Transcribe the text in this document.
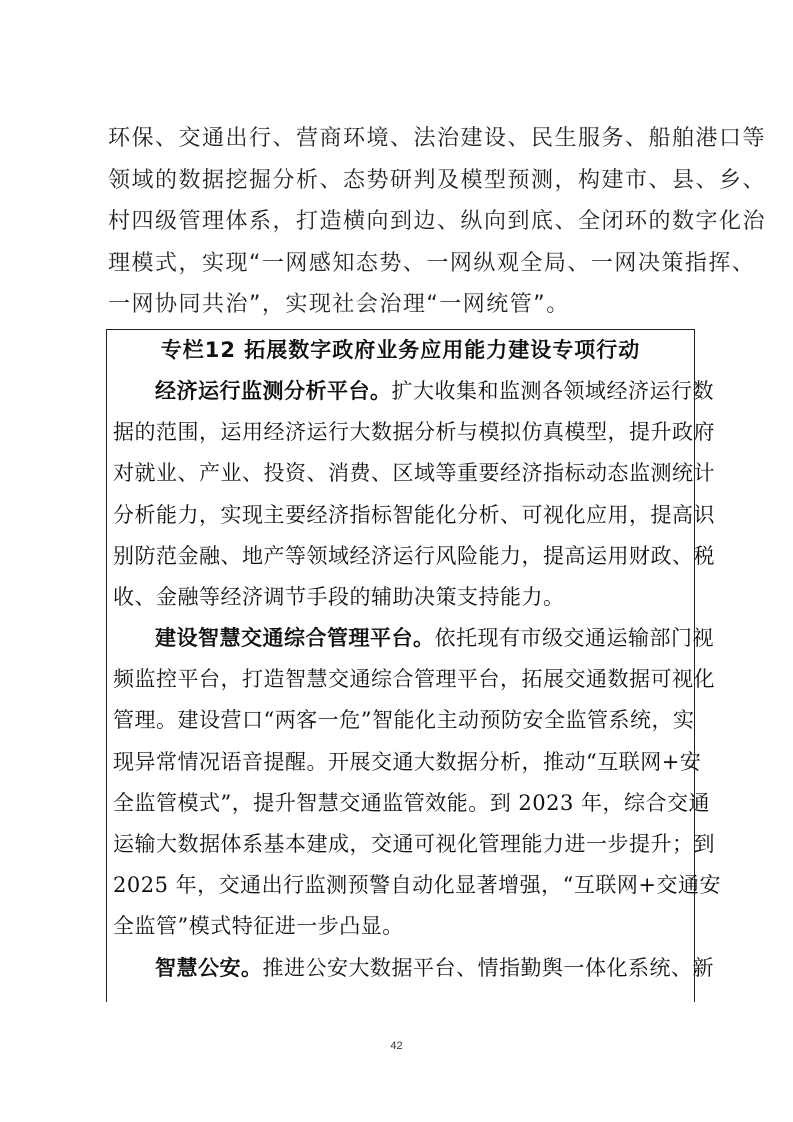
环保、交通出行、营商环境、法治建设、民生服务、船舶港口等

领域的数据挖掘分析、态势研判及模型预测，构建市、县、乡、

村四级管理体系，打造横向到边、纵向到底、全闭环的数字化治

理模式，实现“一网感知态势、一网纵观全局、一网决策指挥、

一网协同共治”，实现社会治理“一网统管”。

专栏12 拓展数字政府业务应用能力建设专项行动

经济运行监测分析平台。扩大收集和监测各领域经济运行数

据的范围，运用经济运行大数据分析与模拟仿真模型，提升政府

对就业、产业、投资、消费、区域等重要经济指标动态监测统计

分析能力，实现主要经济指标智能化分析、可视化应用，提高识

别防范金融、地产等领域经济运行风险能力，提高运用财政、税

收、金融等经济调节手段的辅助决策支持能力。

建设智慧交通综合管理平台。依托现有市级交通运输部门视

频监控平台，打造智慧交通综合管理平台，拓展交通数据可视化

管理。建设营口“两客一危”智能化主动预防安全监管系统，实

现异常情况语音提醒。开展交通大数据分析，推动“互联网+安

全监管模式”，提升智慧交通监管效能。到 2023 年，综合交通

运输大数据体系基本建成，交通可视化管理能力进一步提升；到

2025 年，交通出行监测预警自动化显著增强，“互联网+交通安

全监管”模式特征进一步凸显。

智慧公安。推进公安大数据平台、情指勤舆一体化系统、新

42
